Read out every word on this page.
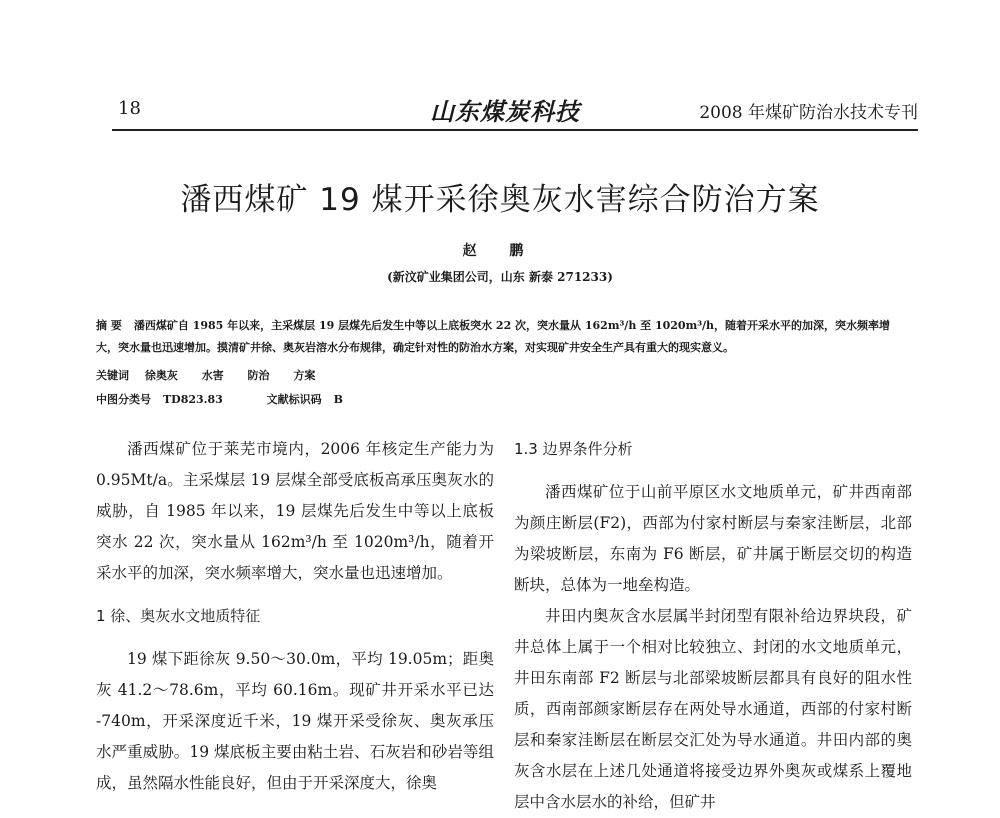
18	山东煤炭科技	2008 年煤矿防治水技术专刊
潘西煤矿 19 煤开采徐奥灰水害综合防治方案
赵 鹏
(新汶矿业集团公司，山东 新泰 271233)
摘 要 潘西煤矿自 1985 年以来，主采煤层 19 层煤先后发生中等以上底板突水 22 次，突水量从 162m³/h 至 1020m³/h，随着开采水平的加深，突水频率增大，突水量也迅速增加。摸清矿井徐、奥灰岩溶水分布规律，确定针对性的防治水方案，对实现矿井安全生产具有重大的现实意义。
关键词 徐奥灰 水害 防治 方案
中图分类号 TD823.83	文献标识码 B

潘西煤矿位于莱芜市境内，2006 年核定生产能力为 0.95Mt/a。主采煤层 19 层煤全部受底板高承压奥灰水的威胁，自 1985 年以来，19 层煤先后发生中等以上底板突水 22 次，突水量从 162m³/h 至 1020m³/h，随着开采水平的加深，突水频率增大，突水量也迅速增加。

1 徐、奥灰水文地质特征

19 煤下距徐灰 9.50～30.0m，平均 19.05m；距奥灰 41.2～78.6m，平均 60.16m。现矿井开采水平已达 -740m，开采深度近千米，19 煤开采受徐灰、奥灰承压水严重威胁。19 煤底板主要由粘土岩、石灰岩和砂岩等组成，虽然隔水性能良好，但由于开采深度大，徐奥

1.3 边界条件分析

潘西煤矿位于山前平原区水文地质单元，矿井西南部为颜庄断层(F2)，西部为付家村断层与秦家洼断层，北部为梁坡断层，东南为 F6 断层，矿井属于断层交切的构造断块，总体为一地垒构造。

井田内奥灰含水层属半封闭型有限补给边界块段，矿井总体上属于一个相对比较独立、封闭的水文地质单元，井田东南部 F2 断层与北部梁坡断层都具有良好的阻水性质，西南部颜家断层存在两处导水通道，西部的付家村断层和秦家洼断层在断层交汇处为导水通道。井田内部的奥灰含水层在上述几处通道将接受边界外奥灰或煤系上覆地层中含水层水的补给，但矿井
